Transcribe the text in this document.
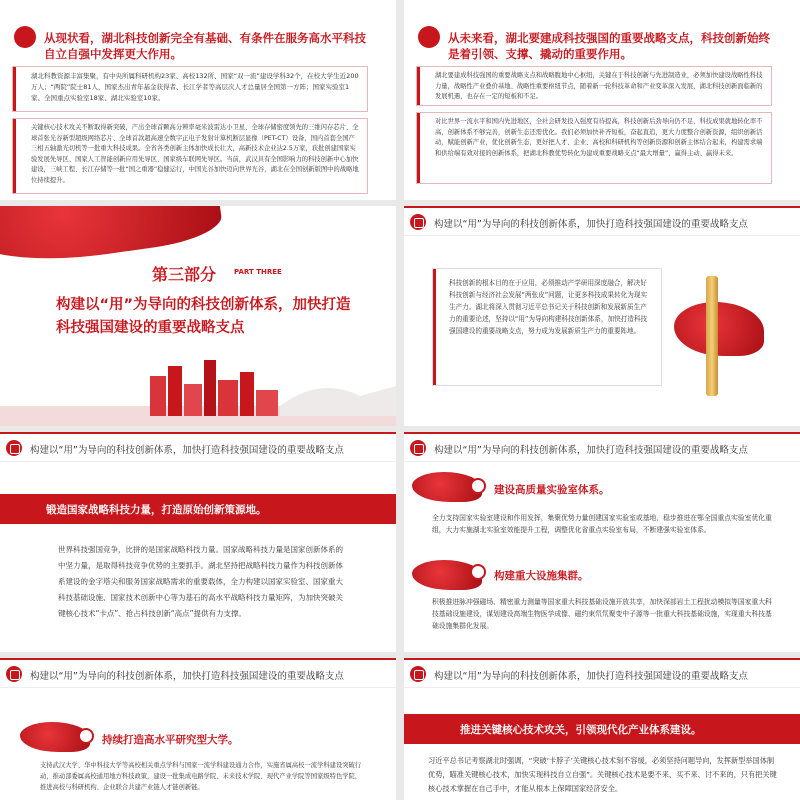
从现状看，湖北科技创新完全有基础、有条件在服务高水平科技自立自强中发挥更大作用。
湖北科教资源丰富集聚，有中央所属科研机构23家、高校132所、国家“双一流”建设学科32个，在校大学生近200万人；“两院”院士81人，国家杰出青年基金获得者、长江学者等高层次人才总量居全国第一方阵；国家实验室1家、全国重点实验室18家、湖北实验室10家。
关键核心技术攻关不断取得新突破，产出全球首颗高分辨率毫米波雷达小卫星、全球存储密度领先的三维闪存芯片、全球首张光谷新型超级网络芯片、全球首款超高速全数字正电子发射计算机断层显像（PET-CT）设备，国内首套全国产三相五轴激光切机等一批重大科技成果。全省各类创新主体加快成长壮大，高新技术企业达2.5万家，获批创建国家实验发展先导区、国家人工智能创新应用先导区、国家级车联网先导区。当前，武汉具有全国影响力的科技创新中心加快建设，三峡工程、长江存储等一批“国之重器”稳健运行，中国光谷加快迈向世界光谷，湖北在全国创新版图中的战略地位持续提升。
从未来看，湖北要建成科技强国的重要战略支点，科技创新始终是着引领、支撑、撬动的重要作用。
湖北要建成科技强国的重要战略支点和战略腹地中心枢纽，关键在于科技创新与先进制造业，必须加快建设战略性科技力量，战略性产业叠价基地、战略性重要枢纽节点，随着新一轮科技革命和产业变革深入发展，湖北科技创新面临新的发展机遇，也存在一定的短板和不足。
对比世界一流水平和国内先进地区，全社会研发投入强度有待提高，科技创新后劲导向仍不足，科技成果就地转化率不高，创新体系不够完善，创新生态还需优化。我们必须加快补齐短板，奋起直追，更大力度整合创新资源，组织创新活动，赋能创新产业，优化创新生态，更好把人才、企业、高校和科研机构等创新资源和创新主体结合起来，构建需求端和供给端有效对接的创新体系，把湖北科教优势转化为建成重要战略支点“最大增量”，赢得主动、赢得未来。
第三部分	PART THREE
构建以“用”为导向的科技创新体系，加快打造科技强国建设的重要战略支点
构建以“用”为导向的科技创新体系，加快打造科技强国建设的重要战略支点
科技创新的根本目的在于应用，必须推动产学研用深度融合，解决好科技创新与经济社会发展“两张皮”问题，让更多科技成果转化为现实生产力。湖北将深入贯彻习近平总书记关于科技创新和发展新质生产力的重要论述，坚持以“用”为导向构建科技创新体系，加快打造科技强国建设的重要战略支点，努力成为发展新质生产力的重要阵地。
构建以“用”为导向的科技创新体系，加快打造科技强国建设的重要战略支点
锻造国家战略科技力量，打造原始创新策源地。
世界科技强国竞争，比拼的是国家战略科技力量。国家战略科技力量是国家创新体系的中坚力量，是取得科技竞争优势的主要抓手。湖北坚持把战略科技力量作为科技创新体系建设的金字塔尖和服务国家战略需求的重要载体，全力构建以国家实验室、国家重大科技基础设施、国家技术创新中心等为基石的高水平战略科技力量矩阵，为加快突破关键核心技术“卡点”、抢占科技创新“高点”提供有力支撑。
构建以“用”为导向的科技创新体系，加快打造科技强国建设的重要战略支点
建设高质量实验室体系。
全力支持国家实验室建设和作用发挥，集聚优势力量创建国家实验室或基地，稳步推进在鄂全国重点实验室优化重组，大力实施湖北实验室效能提升工程，调整优化省重点实验室布局，不断建强实验室体系。
构建重大设施集群。
积极推进脉冲强磁场、精密重力测量等国家重大科技基础设施开放共享，加快深部岩土工程扰动模拟等国家重大科技基础设施建设，谋划建设高端生物医学成像、磁约束氘氘聚变中子源等一批重大科技基础设施，实现重大科技基础设施集群化发展。
构建以“用”为导向的科技创新体系，加快打造科技强国建设的重要战略支点
持续打造高水平研究型大学。
支持武汉大学、华中科技大学等高校相关重点学科与国家一流学科建设通力合作，实施省属高校一流学科建设突破行动，推动部委属高校通用地方科技政策，建设一批集成电路学院、未来技术学院、现代产业学院等国家级特色学院，推进高校与科研机构、企业联合共建产业链人才链创新链。
构建以“用”为导向的科技创新体系，加快打造科技强国建设的重要战略支点
推进关键核心技术攻关，引领现代化产业体系建设。
习近平总书记考察湖北时强调，“突破‘卡脖子’关键核心技术刻不容缓，必须坚持问题导向，发挥新型举国体制优势，瞄准关键核心技术，加快实现科技自立自强”。关键核心技术是要不来、买不来、讨不来的，只有把关键核心技术掌握在自己手中，才能从根本上保障国家经济安全。
